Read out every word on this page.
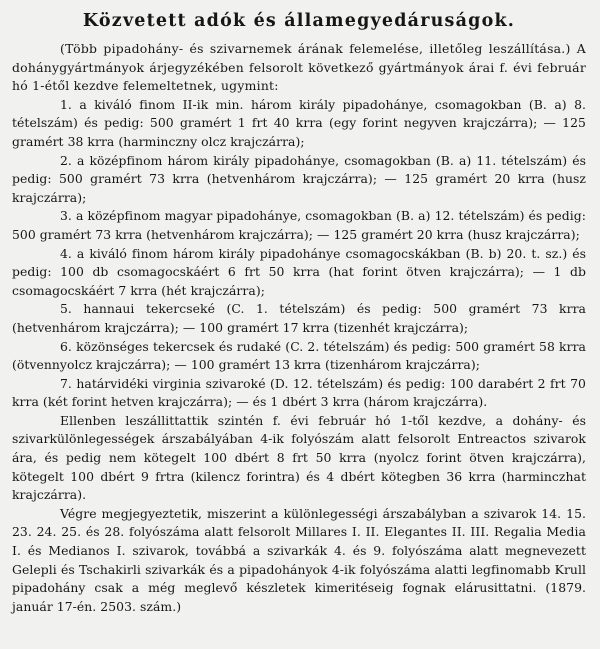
Közvetett adók és államegyedáruságok.

(Több pipadohány- és szivarnemek árának felemelése, illetőleg leszállítása.) A dohánygyártmányok árjegyzékében felsorolt következő gyártmányok árai f. évi február hó 1-étől kezdve felemeltetnek, ugymint:

1. a kiváló finom II-ik min. három király pipadohánye, csomagokban (B. a) 8. tételszám) és pedig: 500 gramért 1 frt 40 krra (egy forint negyven krajczárra); — 125 gramért 38 krra (harminczny olcz krajczárra);

2. a középfinom három király pipadohánye, csomagokban (B. a) 11. tételszám) és pedig: 500 gramért 73 krra (hetvenhárom krajczárra); — 125 gramért 20 krra (husz krajczárra);

3. a középfinom magyar pipadohánye, csomagokban (B. a) 12. tételszám) és pedig: 500 gramért 73 krra (hetvenhárom krajczárra); — 125 gramért 20 krra (husz krajczárra);

4. a kiváló finom három király pipadohánye csomagocskákban (B. b) 20. t. sz.) és pedig: 100 db csomagocskáért 6 frt 50 krra (hat forint ötven krajczárra); — 1 db csomagocskáért 7 krra (hét krajczárra);

5. hannaui tekercseké (C. 1. tételszám) és pedig: 500 gramért 73 krra (hetvenhárom krajczárra); — 100 gramért 17 krra (tizenhét krajczárra);

6. közönséges tekercsek és rudaké (C. 2. tételszám) és pedig: 500 gramért 58 krra (ötvennyolcz krajczárra); — 100 gramért 13 krra (tizenhárom krajczárra);

7. határvidéki virginia szivaroké (D. 12. tételszám) és pedig: 100 darabért 2 frt 70 krra (két forint hetven krajczárra); — és 1 dbért 3 krra (három krajczárra).

Ellenben leszállittattik szintén f. évi február hó 1-től kezdve, a dohány- és szivarkülönlegességek árszabályában 4-ik folyószám alatt felsorolt Entreactos szivarok ára, és pedig nem kötegelt 100 dbért 8 frt 50 krra (nyolcz forint ötven krajczárra), kötegelt 100 dbért 9 frtra (kilencz forintra) és 4 dbért kötegben 36 krra (harminczhat krajczárra).

Végre megjegyeztetik, miszerint a különlegességi árszabályban a szivarok 14. 15. 23. 24. 25. és 28. folyószáma alatt felsorolt Millares I. II. Elegantes II. III. Regalia Media I. és Medianos I. szivarok, továbbá a szivarkák 4. és 9. folyószáma alatt megnevezett Gelepli és Tschakirli szivarkák és a pipadohányok 4-ik folyószáma alatti legfinomabb Krull pipadohány csak a még meglevő készletek kimeritéseig fognak elárusittatni. (1879. január 17-én. 2503. szám.)
